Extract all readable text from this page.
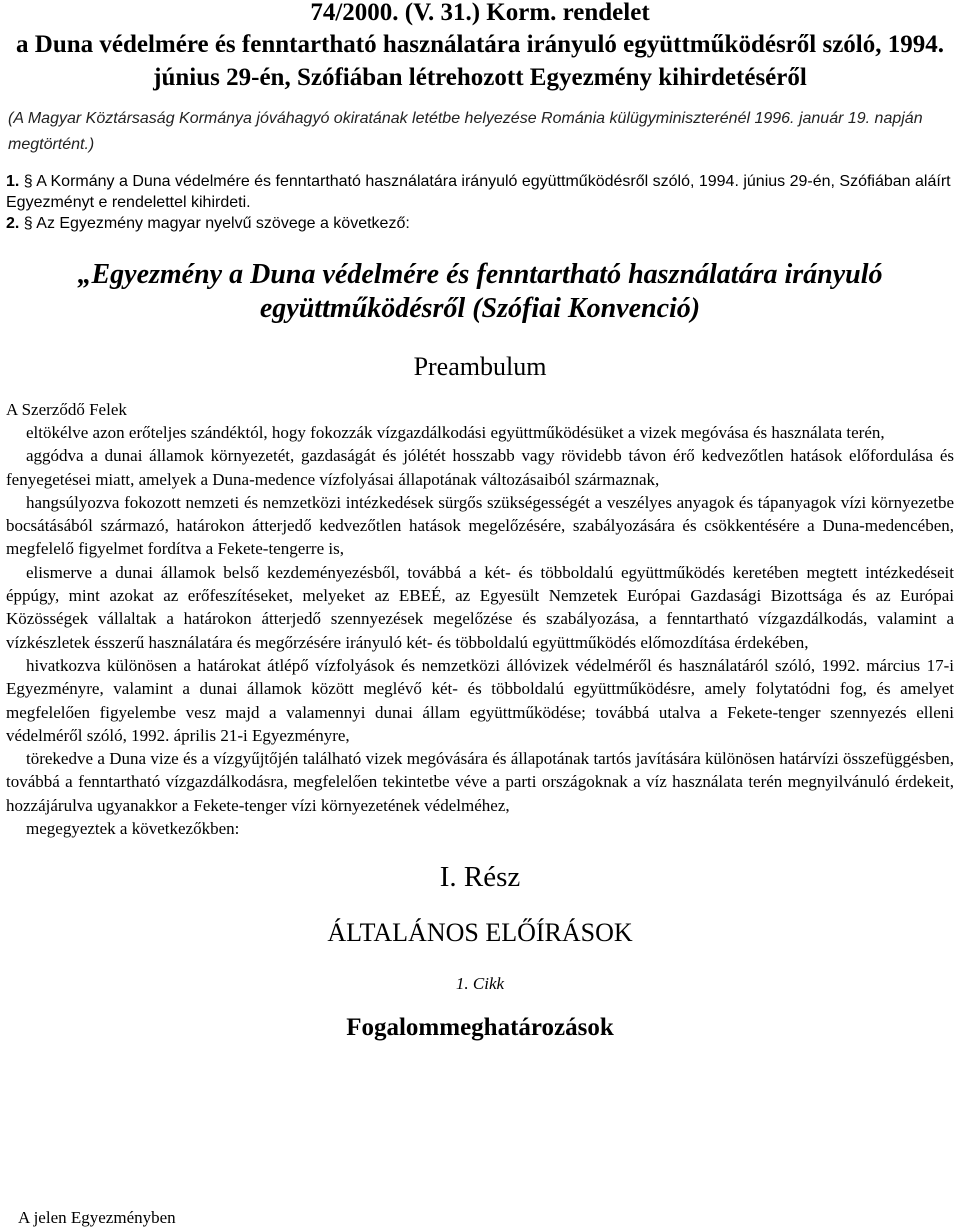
74/2000. (V. 31.) Korm. rendelet
a Duna védelmére és fenntartható használatára irányuló együttműködésről szóló, 1994. június 29-én, Szófiában létrehozott Egyezmény kihirdetéséről
(A Magyar Köztársaság Kormánya jóváhagyó okiratának letétbe helyezése Románia külügyminiszterénél 1996. január 19. napján megtörtént.)
1. § A Kormány a Duna védelmére és fenntartható használatára irányuló együttműködésről szóló, 1994. június 29-én, Szófiában aláírt Egyezményt e rendelettel kihirdeti.
2. § Az Egyezmény magyar nyelvű szövege a következő:
„Egyezmény a Duna védelmére és fenntartható használatára irányuló együttműködésről (Szófiai Konvenció)
Preambulum
A Szerződő Felek
eltökélve azon erőteljes szándéktól, hogy fokozzák vízgazdálkodási együttműködésüket a vizek megóvása és használata terén,
aggódva a dunai államok környezetét, gazdaságát és jólétét hosszabb vagy rövidebb távon érő kedvezőtlen hatások előfordulása és fenyegetései miatt, amelyek a Duna-medence vízfolyásai állapotának változásaiból származnak,
hangsúlyozva fokozott nemzeti és nemzetközi intézkedések sürgős szükségességét a veszélyes anyagok és tápanyagok vízi környezetbe bocsátásából származó, határokon átterjedő kedvezőtlen hatások megelőzésére, szabályozására és csökkentésére a Duna-medencében, megfelelő figyelmet fordítva a Fekete-tengerre is,
elismerve a dunai államok belső kezdeményezésből, továbbá a két- és többoldalú együttműködés keretében megtett intézkedéseit éppúgy, mint azokat az erőfeszítéseket, melyeket az EBEÉ, az Egyesült Nemzetek Európai Gazdasági Bizottsága és az Európai Közösségek vállaltak a határokon átterjedő szennyezések megelőzése és szabályozása, a fenntartható vízgazdálkodás, valamint a vízkészletek ésszerű használatára és megőrzésére irányuló két- és többoldalú együttműködés előmozdítása érdekében,
hivatkozva különösen a határokat átlépő vízfolyások és nemzetközi állóvizek védelméről és használatáról szóló, 1992. március 17-i Egyezményre, valamint a dunai államok között meglévő két- és többoldalú együttműködésre, amely folytatódni fog, és amelyet megfelelően figyelembe vesz majd a valamennyi dunai állam együttműködése; továbbá utalva a Fekete-tenger szennyezés elleni védelméről szóló, 1992. április 21-i Egyezményre,
törekedve a Duna vize és a vízgyűjtőjén található vizek megóvására és állapotának tartós javítására különösen határvízi összefüggésben, továbbá a fenntartható vízgazdálkodásra, megfelelően tekintetbe véve a parti országoknak a víz használata terén megnyilvánuló érdekeit, hozzájárulva ugyanakkor a Fekete-tenger vízi környezetének védelméhez,
megegyeztek a következőkben:
I. Rész
ÁLTALÁNOS ELŐÍRÁSOK
1. Cikk
Fogalommeghatározások
A jelen Egyezményben
